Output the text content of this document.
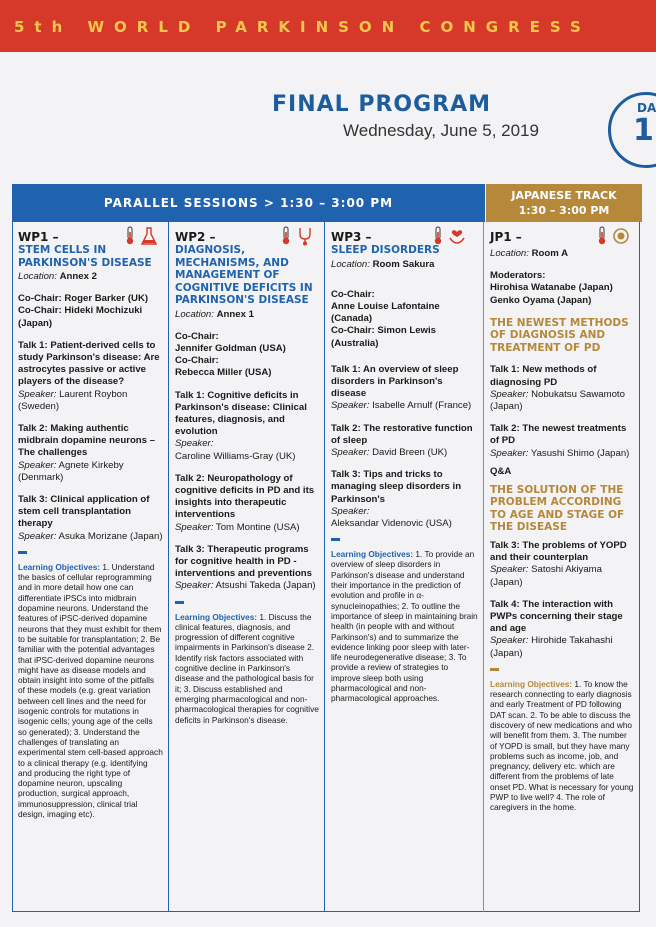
5th WORLD PARKINSON CONGRESS
FINAL PROGRAM
Wednesday, June 5, 2019
DA
1
PARALLEL SESSIONS > 1:30 – 3:00 PM
JAPANESE TRACK
1:30 – 3:00 PM
WP1 –
STEM CELLS IN PARKINSON'S DISEASE
Location: Annex 2
Co-Chair: Roger Barker (UK)
Co-Chair: Hideki Mochizuki (Japan)
Talk 1: Patient-derived cells to study Parkinson's disease: Are astrocytes passive or active players of the disease?
Speaker: Laurent Roybon (Sweden)
Talk 2: Making authentic midbrain dopamine neurons – The challenges
Speaker: Agnete Kirkeby (Denmark)
Talk 3: Clinical application of stem cell transplantation therapy
Speaker: Asuka Morizane (Japan)
Learning Objectives: 1. Understand the basics of cellular reprogramming and in more detail how one can differentiate iPSCs into midbrain dopamine neurons. Understand the features of iPSC-derived dopamine neurons that they must exhibit for them to be suitable for transplantation; 2. Be familiar with the potential advantages that iPSC-derived dopamine neurons might have as disease models and obtain insight into some of the pitfalls of these models (e.g. great variation between cell lines and the need for isogenic controls for mutations in isogenic cells; young age of the cells so generated); 3. Understand the challenges of translating an experimental stem cell-based approach to a clinical therapy (e.g. identifying and producing the right type of dopamine neuron, upscaling production, surgical approach, immunosuppression, clinical trial design, imaging etc).
WP2 –
DIAGNOSIS, MECHANISMS, AND MANAGEMENT OF COGNITIVE DEFICITS IN PARKINSON'S DISEASE
Location: Annex 1
Co-Chair:
Jennifer Goldman (USA)
Co-Chair:
Rebecca Miller (USA)
Talk 1: Cognitive deficits in Parkinson's disease: Clinical features, diagnosis, and evolution
Speaker:
Caroline Williams-Gray (UK)
Talk 2: Neuropathology of cognitive deficits in PD and its insights into therapeutic interventions
Speaker: Tom Montine (USA)
Talk 3: Therapeutic programs for cognitive health in PD - interventions and preventions
Speaker: Atsushi Takeda (Japan)
Learning Objectives: 1. Discuss the clinical features, diagnosis, and progression of different cognitive impairments in Parkinson's disease 2. Identify risk factors associated with cognitive decline in Parkinson's disease and the pathological basis for it; 3. Discuss established and emerging pharmacological and non-pharmacological therapies for cognitive deficits in Parkinson's disease.
WP3 –
SLEEP DISORDERS
Location: Room Sakura
Co-Chair:
Anne Louise Lafontaine (Canada)
Co-Chair: Simon Lewis (Australia)
Talk 1: An overview of sleep disorders in Parkinson's disease
Speaker: Isabelle Arnulf (France)
Talk 2: The restorative function of sleep
Speaker: David Breen (UK)
Talk 3: Tips and tricks to managing sleep disorders in Parkinson's
Speaker:
Aleksandar Videnovic (USA)
Learning Objectives: 1. To provide an overview of sleep disorders in Parkinson's disease and understand their importance in the prediction of evolution and profile in α-synucleinopathies; 2. To outline the importance of sleep in maintaining brain health (in people with and without Parkinson's) and to summarize the evidence linking poor sleep with later-life neurodegenerative disease; 3. To provide a review of strategies to improve sleep both using pharmacological and non-pharmacological approaches.
JP1 –
Location: Room A
Moderators:
Hirohisa Watanabe (Japan)
Genko Oyama (Japan)
THE NEWEST METHODS OF DIAGNOSIS AND TREATMENT OF PD
Talk 1: New methods of diagnosing PD
Speaker: Nobukatsu Sawamoto (Japan)
Talk 2: The newest treatments of PD
Speaker: Yasushi Shimo (Japan)
Q&A
THE SOLUTION OF THE PROBLEM ACCORDING TO AGE AND STAGE OF THE DISEASE
Talk 3: The problems of YOPD and their counterplan
Speaker: Satoshi Akiyama (Japan)
Talk 4: The interaction with PWPs concerning their stage and age
Speaker: Hirohide Takahashi (Japan)
Learning Objectives: 1. To know the research connecting to early diagnosis and early Treatment of PD following DAT scan. 2. To be able to discuss the discovery of new medications and who will benefit from them. 3. The number of YOPD is small, but they have many problems such as income, job, and pregnancy, delivery etc. which are different from the problems of late onset PD. What is necessary for young PWP to live well? 4. The role of caregivers in the home.
